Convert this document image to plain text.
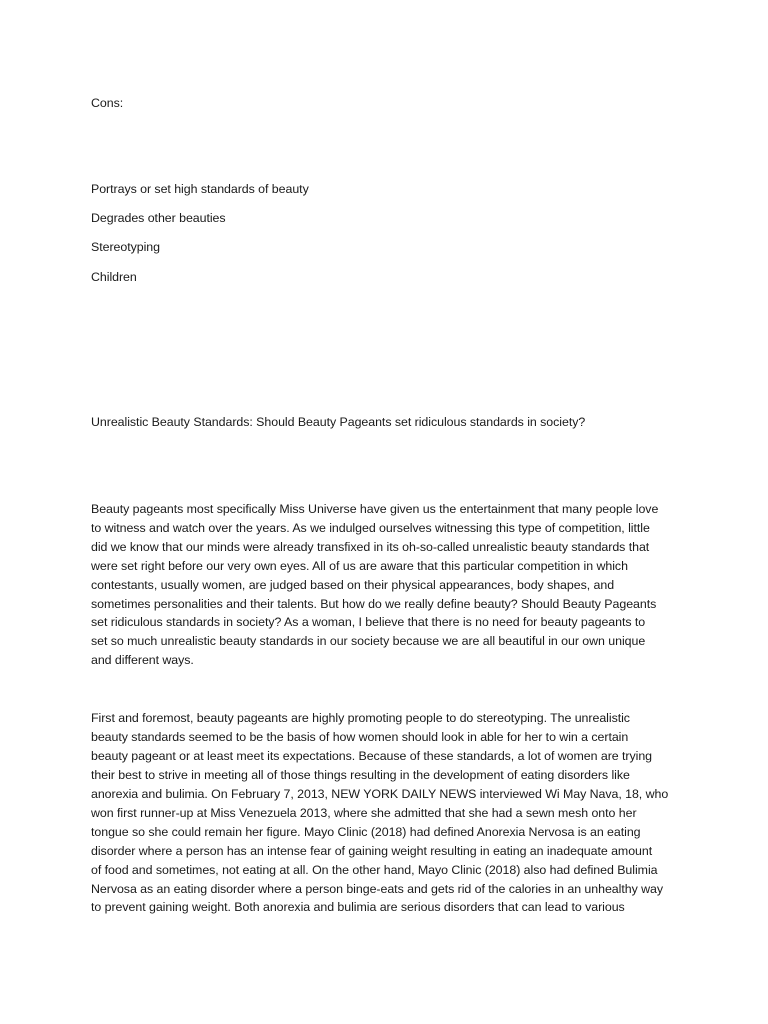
Cons:
Portrays or set high standards of beauty
Degrades other beauties
Stereotyping
Children
Unrealistic Beauty Standards: Should Beauty Pageants set ridiculous standards in society?
Beauty pageants most specifically Miss Universe have given us the entertainment that many people love
to witness and watch over the years. As we indulged ourselves witnessing this type of competition, little
did we know that our minds were already transfixed in its oh-so-called unrealistic beauty standards that
were set right before our very own eyes. All of us are aware that this particular competition in which
contestants, usually women, are judged based on their physical appearances, body shapes, and
sometimes personalities and their talents. But how do we really define beauty? Should Beauty Pageants
set ridiculous standards in society? As a woman, I believe that there is no need for beauty pageants to
set so much unrealistic beauty standards in our society because we are all beautiful in our own unique
and different ways.
First and foremost, beauty pageants are highly promoting people to do stereotyping. The unrealistic
beauty standards seemed to be the basis of how women should look in able for her to win a certain
beauty pageant or at least meet its expectations. Because of these standards, a lot of women are trying
their best to strive in meeting all of those things resulting in the development of eating disorders like
anorexia and bulimia. On February 7, 2013, NEW YORK DAILY NEWS interviewed Wi May Nava, 18, who
won first runner-up at Miss Venezuela 2013, where she admitted that she had a sewn mesh onto her
tongue so she could remain her figure. Mayo Clinic (2018) had defined Anorexia Nervosa is an eating
disorder where a person has an intense fear of gaining weight resulting in eating an inadequate amount
of food and sometimes, not eating at all. On the other hand, Mayo Clinic (2018) also had defined Bulimia
Nervosa as an eating disorder where a person binge-eats and gets rid of the calories in an unhealthy way
to prevent gaining weight. Both anorexia and bulimia are serious disorders that can lead to various
